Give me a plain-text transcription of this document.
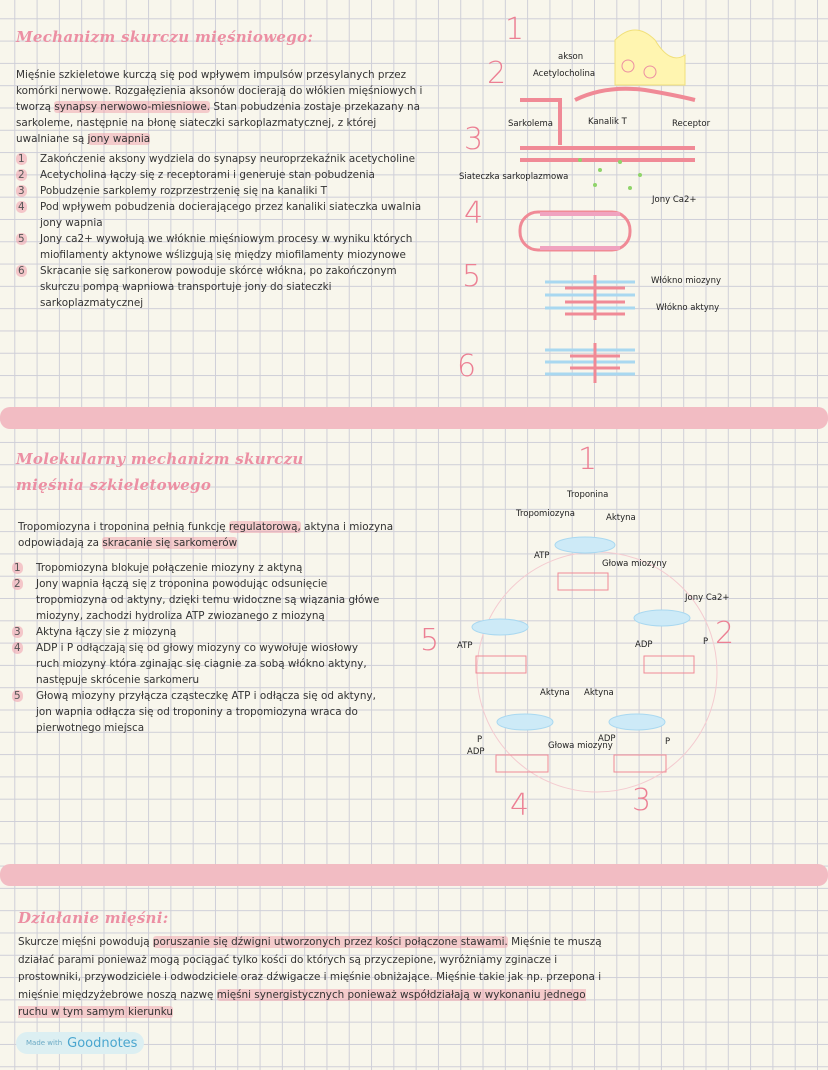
Mechanizm skurczu mięśniowego:
Mięśnie szkieletowe kurczą się pod wpływem impulsów przesylanych przez komórki nerwowe. Rozgałęzienia aksonów docierają do włókien mięśniowych i tworzą synapsy nerwowo-miesniowe. Stan pobudzenia zostaje przekazany na sarkoleme, następnie na błonę siateczki sarkoplazmatycznej, z której uwalniane są jony wapnia
1	Zakończenie aksony wydziela do synapsy neuroprzekaźnik acetycholine
2	Acetycholina łączy się z receptorami i generuje stan pobudzenia
3	Pobudzenie sarkolemy rozprzestrzenię się na kanaliki T
4	Pod wpływem pobudzenia docierającego przez kanaliki siateczka uwalnia jony wapnia
5	Jony ca2+ wywołują we włóknie mięśniowym procesy w wyniku których miofilamenty aktynowe wślizgują się między miofilamenty miozynowe
6	Skracanie się sarkonerow powoduje skórce włókna, po zakończonym skurczu pompą wapniowa transportuje jony do siateczki sarkoplazmatycznej
Molekularny mechanizm skurczu mięśnia szkieletowego
Tropomiozyna i troponina pełnią funkcję regulatorową, aktyna i miozyna odpowiadają za skracanie się sarkomerów
1	Tropomiozyna blokuje połączenie miozyny z aktyną
2	Jony wapnia łączą się z troponina powodując odsunięcie tropomiozyna od aktyny, dzięki temu widoczne są wiązania główe miozyny, zachodzi hydroliza ATP zwiozanego z miozyną
3	Aktyna łączy sie z miozyną
4	ADP i P odłączają się od głowy miozyny co wywołuje wiosłowy ruch miozyny która zginając się ciagnie za sobą włókno aktyny, następuje skrócenie sarkomeru
5	Głową miozyny przyłącza cząsteczkę ATP i odłącza się od aktyny, jon wapnia odłącza się od troponiny a tropomiozyna wraca do pierwotnego miejsca
Działanie mięśni:
Skurcze mięśni powodują poruszanie się dźwigni utworzonych przez kości połączone stawami. Mięśnie te muszą działać parami ponieważ mogą pociągać tylko kości do których są przyczepione, wyróżniamy zginacze i prostowniki, przywodziciele i odwodziciele oraz dźwigacze i mięśnie obniżające. Mięśnie takie jak np. przepona i mięśnie międzyżebrowe noszą nazwę mięśni synergistycznych ponieważ współdziałają w wykonaniu jednego ruchu w tym samym kierunku
Made with Goodnotes
1
2
3
4
5
6
akson
Acetylocholina
Sarkolema	Kanalik T	Receptor
Siateczka sarkoplazmowa
Jony Ca2+
Włókno miozyny
Włókno aktyny
1
2
3
4
5
Troponina
Tropomiozyna	Aktyna
ATP
Głowa miozyny
Jony Ca2+
ADP	P
ATP
Aktyna Aktyna
P
ADP
Głowa miozyny
ADP	P
